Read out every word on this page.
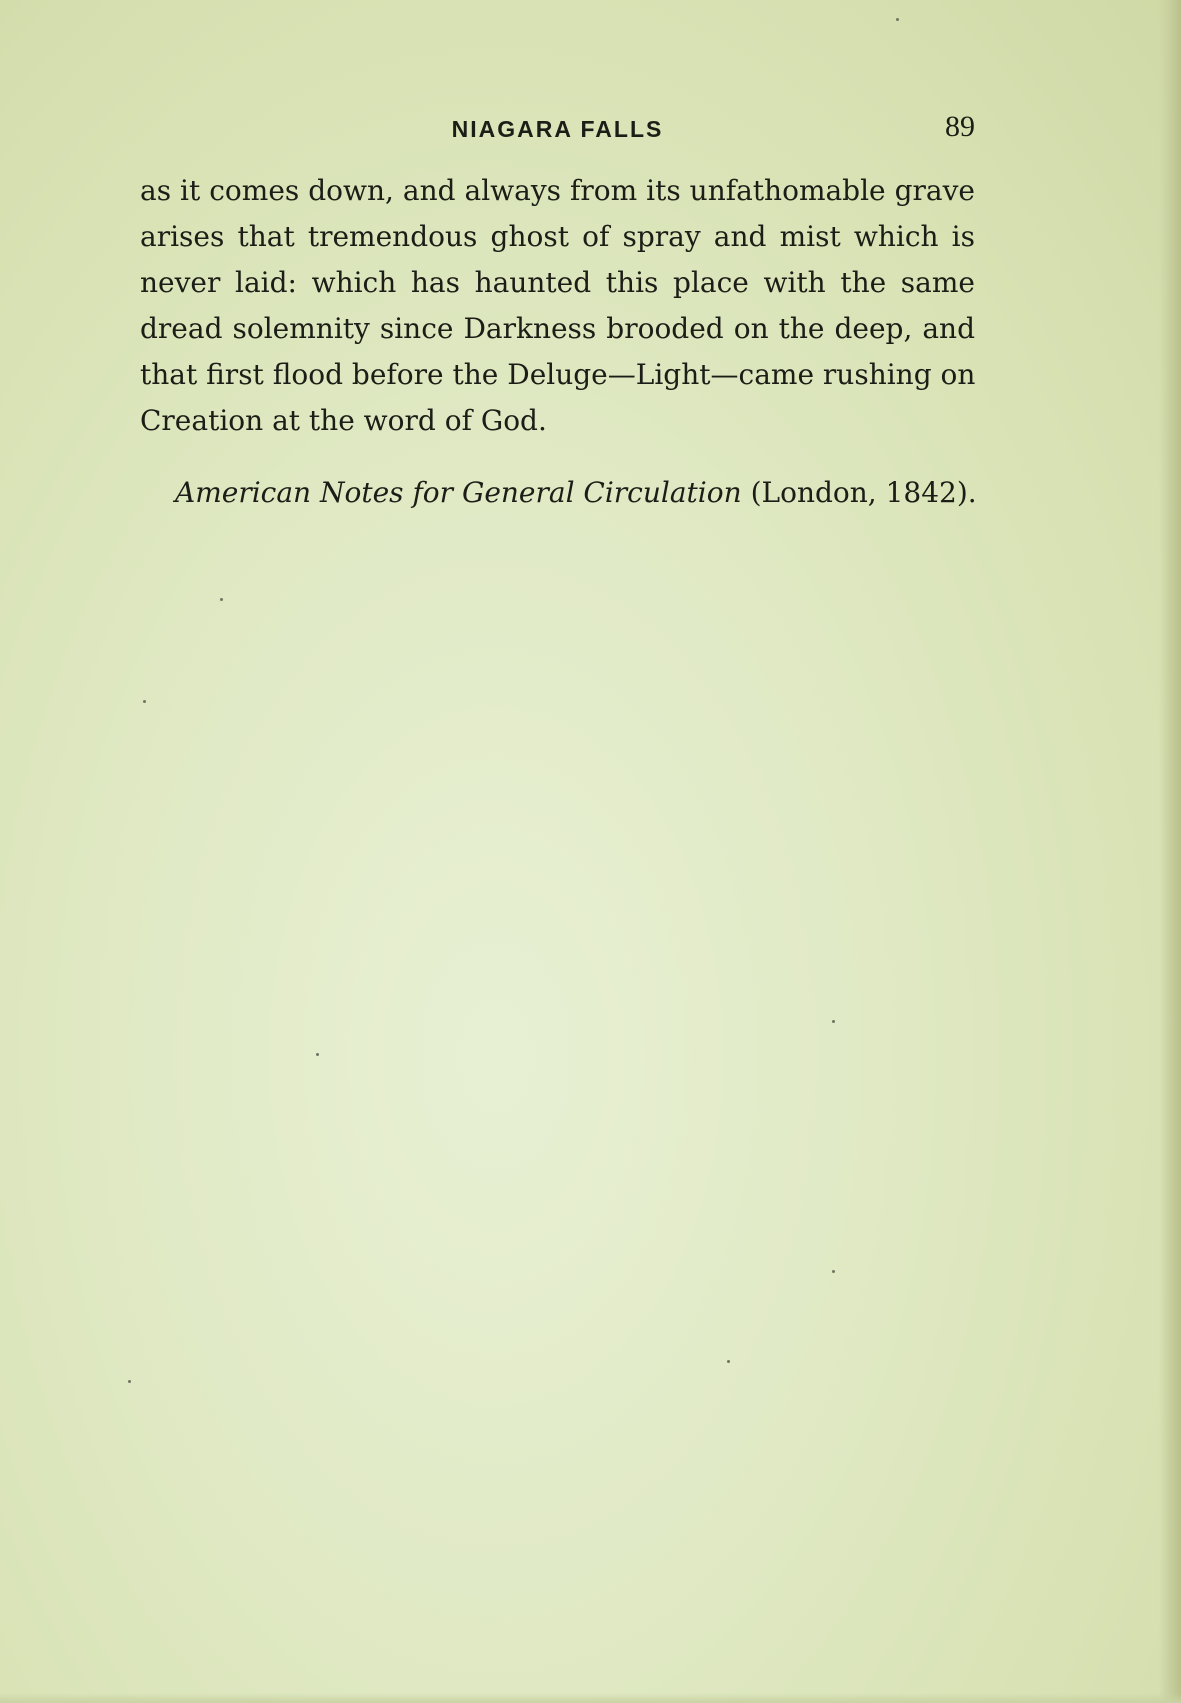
NIAGARA FALLS	89
as it comes down, and always from its unfathomable grave
arises that tremendous ghost of spray and mist which is
never laid: which has haunted this place with the same
dread solemnity since Darkness brooded on the deep, and
that first flood before the Deluge—Light—came rushing on
Creation at the word of God.
American Notes for General Circulation (London, 1842).
